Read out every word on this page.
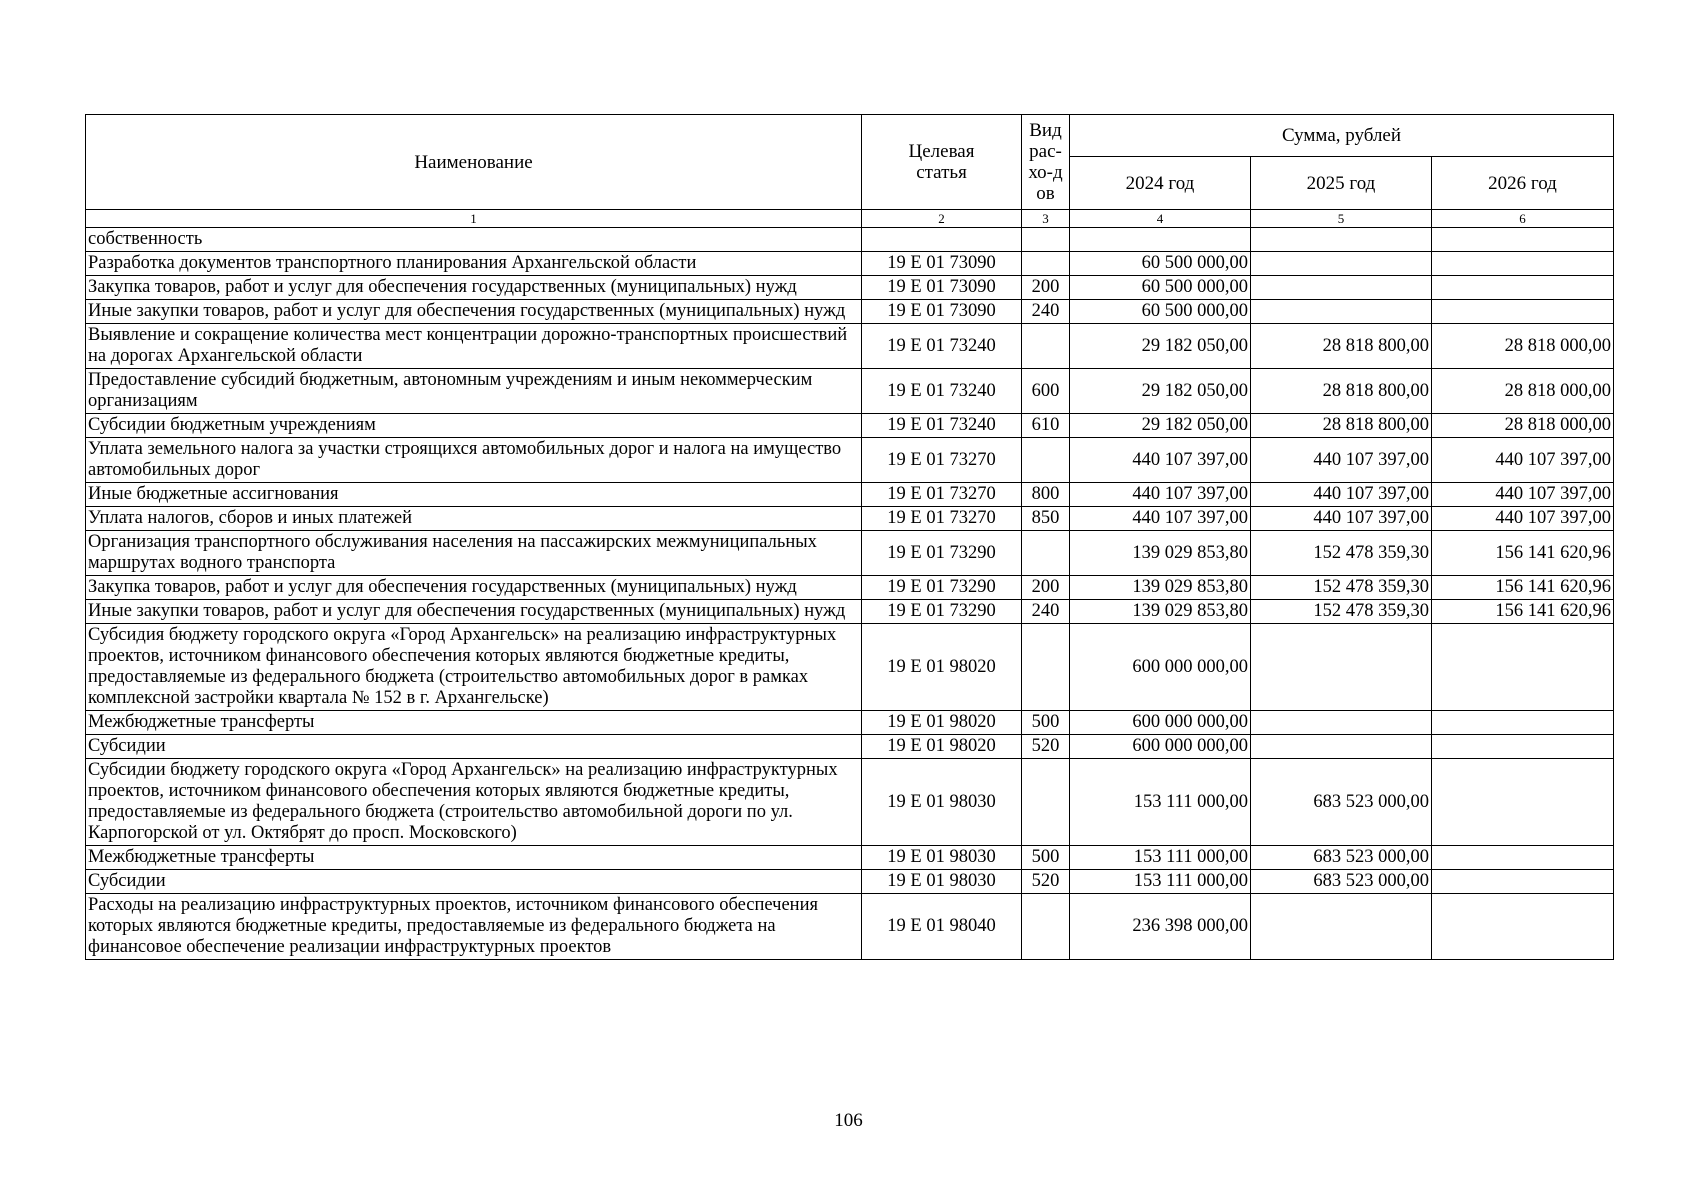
Наименование	Целевая статья	Вид рас-хо-дов	Сумма, рублей		
			2024 год	2025 год	2026 год
1	2	3	4	5	6
собственность					
Разработка документов транспортного планирования Архангельской области	19 Е 01 73090		60 500 000,00		
Закупка товаров, работ и услуг для обеспечения государственных (муниципальных) нужд	19 Е 01 73090	200	60 500 000,00		
Иные закупки товаров, работ и услуг для обеспечения государственных (муниципальных) нужд	19 Е 01 73090	240	60 500 000,00		
Выявление и сокращение количества мест концентрации дорожно-транспортных происшествий на дорогах Архангельской области	19 Е 01 73240		29 182 050,00	28 818 800,00	28 818 000,00
Предоставление субсидий бюджетным, автономным учреждениям и иным некоммерческим организациям	19 Е 01 73240	600	29 182 050,00	28 818 800,00	28 818 000,00
Субсидии бюджетным учреждениям	19 Е 01 73240	610	29 182 050,00	28 818 800,00	28 818 000,00
Уплата земельного налога за участки строящихся автомобильных дорог и налога на имущество автомобильных дорог	19 Е 01 73270		440 107 397,00	440 107 397,00	440 107 397,00
Иные бюджетные ассигнования	19 Е 01 73270	800	440 107 397,00	440 107 397,00	440 107 397,00
Уплата налогов, сборов и иных платежей	19 Е 01 73270	850	440 107 397,00	440 107 397,00	440 107 397,00
Организация транспортного обслуживания населения на пассажирских межмуниципальных маршрутах водного транспорта	19 Е 01 73290		139 029 853,80	152 478 359,30	156 141 620,96
Закупка товаров, работ и услуг для обеспечения государственных (муниципальных) нужд	19 Е 01 73290	200	139 029 853,80	152 478 359,30	156 141 620,96
Иные закупки товаров, работ и услуг для обеспечения государственных (муниципальных) нужд	19 Е 01 73290	240	139 029 853,80	152 478 359,30	156 141 620,96
Субсидия бюджету городского округа «Город Архангельск» на реализацию инфраструктурных проектов, источником финансового обеспечения которых являются бюджетные кредиты, предоставляемые из федерального бюджета (строительство автомобильных дорог в рамках комплексной застройки квартала № 152 в г. Архангельске)	19 Е 01 98020		600 000 000,00		
Межбюджетные трансферты	19 Е 01 98020	500	600 000 000,00		
Субсидии	19 Е 01 98020	520	600 000 000,00		
Субсидии бюджету городского округа «Город Архангельск» на реализацию инфраструктурных проектов, источником финансового обеспечения которых являются бюджетные кредиты, предоставляемые из федерального бюджета (строительство автомобильной дороги по ул. Карпогорской от ул. Октябрят до просп. Московского)	19 Е 01 98030		153 111 000,00	683 523 000,00	
Межбюджетные трансферты	19 Е 01 98030	500	153 111 000,00	683 523 000,00	
Субсидии	19 Е 01 98030	520	153 111 000,00	683 523 000,00	
Расходы на реализацию инфраструктурных проектов, источником финансового обеспечения которых являются бюджетные кредиты, предоставляемые из федерального бюджета на финансовое обеспечение реализации инфраструктурных проектов	19 Е 01 98040		236 398 000,00		
106
